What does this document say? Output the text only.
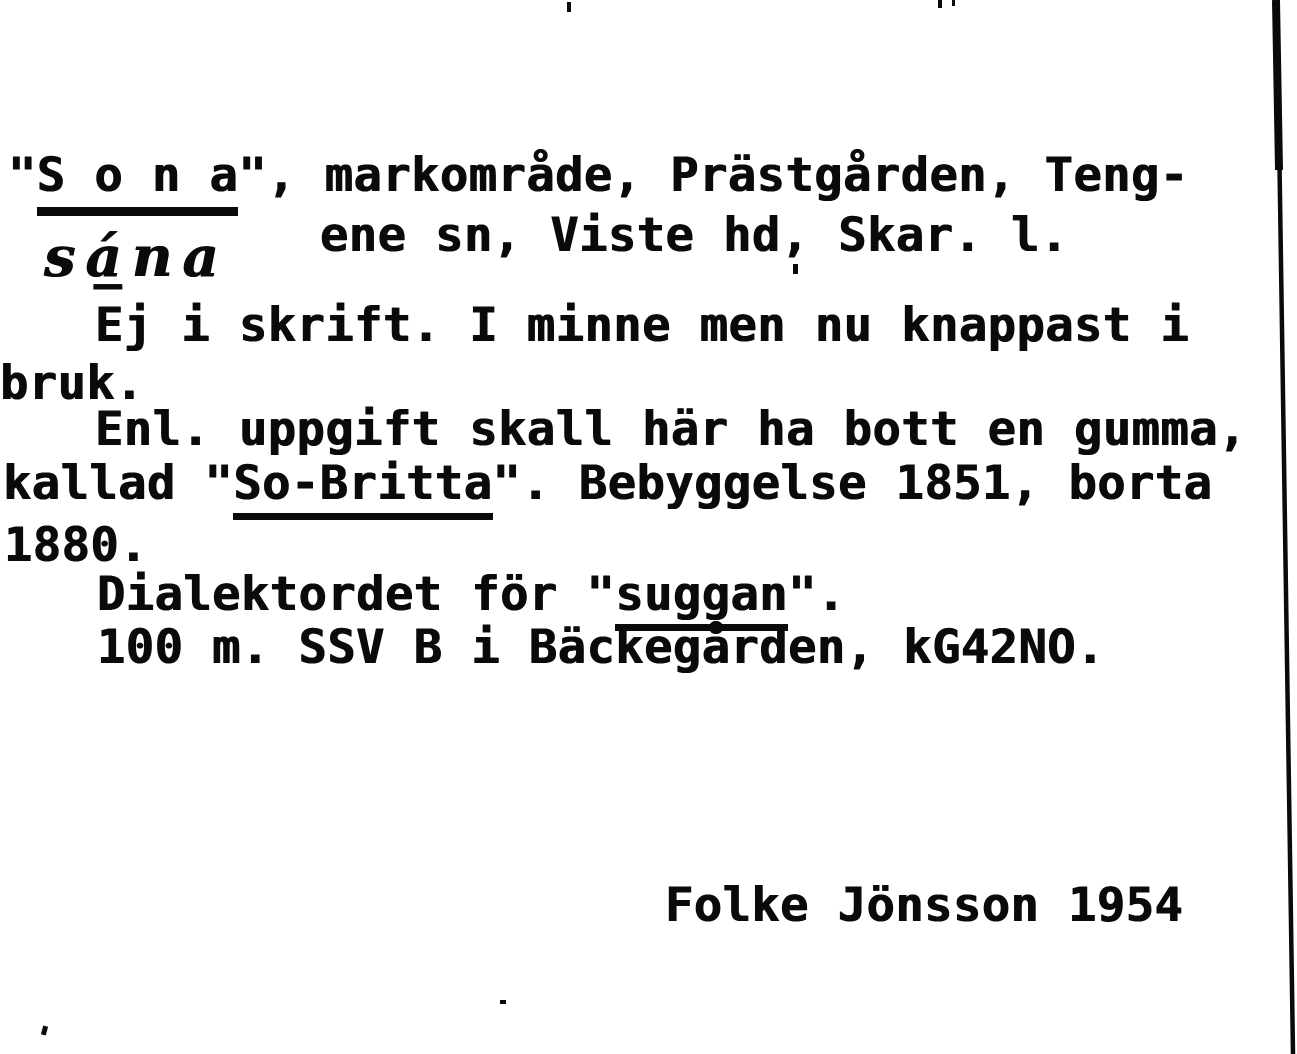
"S o n a", markområde, Prästgården, Teng-
ene sn, Viste hd, Skar. l.
sá̲na
Ej i skrift. I minne men nu knappast i
bruk.
Enl. uppgift skall här ha bott en gumma,
kallad "So-Britta". Bebyggelse 1851, borta
1880.
Dialektordet för "suggan".
100 m. SSV B i Bäckegården, kG42NO.
Folke Jönsson 1954
